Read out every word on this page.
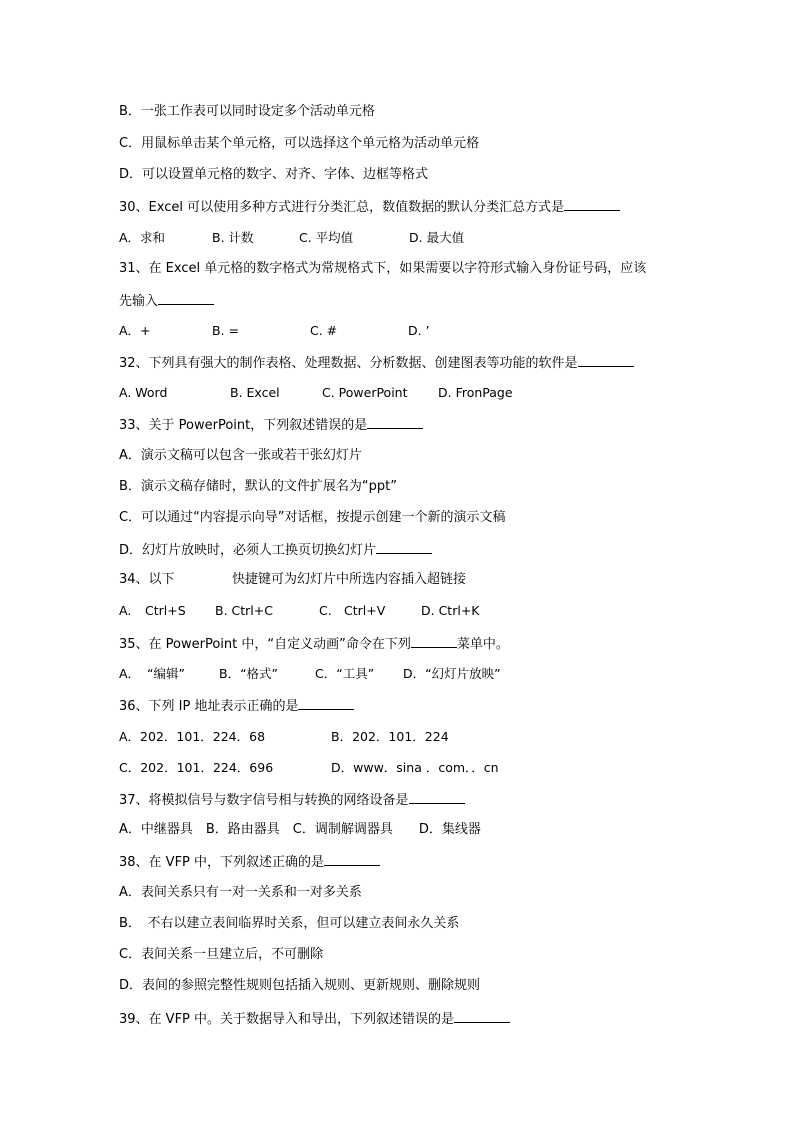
B．一张工作表可以同时设定多个活动单元格
C．用鼠标单击某个单元格，可以选择这个单元格为活动单元格
D．可以设置单元格的数字、对齐、字体、边框等格式
30、Excel 可以使用多种方式进行分类汇总，数值数据的默认分类汇总方式是
A．求和	B. 计数	C. 平均值	D. 最大值
31、在 Excel 单元格的数字格式为常规格式下，如果需要以字符形式输入身份证号码，应该
先输入
A．+	B. =	C. #	D. ’
32、下列具有强大的制作表格、处理数据、分析数据、创建图表等功能的软件是
A. Word	B. Excel	C. PowerPoint D. FronPage
33、关于 PowerPoint，下列叙述错误的是
A．演示文稿可以包含一张或若干张幻灯片
B．演示文稿存储时，默认的文件扩展名为“ppt”
C．可以通过“内容提示向导”对话框，按提示创建一个新的演示文稿
D．幻灯片放映时，必须人工换页切换幻灯片
34、以下	快捷键可为幻灯片中所选内容插入超链接
A. Ctrl+S B. Ctrl+C	C. Ctrl+V	D. Ctrl+K
35、在 PowerPoint 中，“自定义动画”命令在下列	菜单中。
A． “编辑”	B．“格式”	C．“工具” D．“幻灯片放映”
36、下列 IP 地址表示正确的是
A．202．101．224．68	B．202．101．224
C．202．101．224．696	D．www．sina ．com．．cn
37、将模拟信号与数字信号相与转换的网络设备是
A．中继器具　B．路由器具　C．调制解调器具　　D．集线器
38、在 VFP 中，下列叙述正确的是
A．表间关系只有一对一关系和一对多关系
B．　不右以建立表间临界时关系，但可以建立表间永久关系
C．表间关系一旦建立后，不可删除
D．表间的参照完整性规则包括插入规则、更新规则、删除规则
39、在 VFP 中。关于数据导入和导出，下列叙述错误的是
